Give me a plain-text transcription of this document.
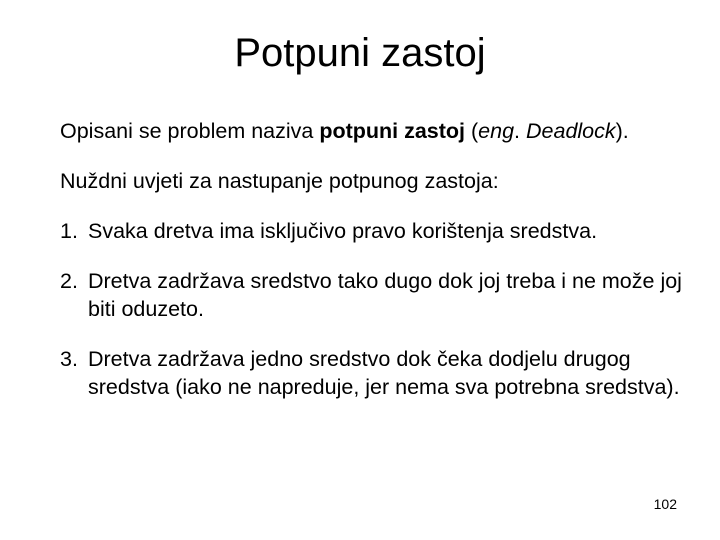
Potpuni zastoj

Opisani se problem naziva potpuni zastoj (eng. Deadlock).

Nuždni uvjeti za nastupanje potpunog zastoja:

1. Svaka dretva ima isključivo pravo korištenja sredstva.
2. Dretva zadržava sredstvo tako dugo dok joj treba i ne može joj biti oduzeto.
3. Dretva zadržava jedno sredstvo dok čeka dodjelu drugog sredstva (iako ne napreduje, jer nema sva potrebna sredstva).
102
